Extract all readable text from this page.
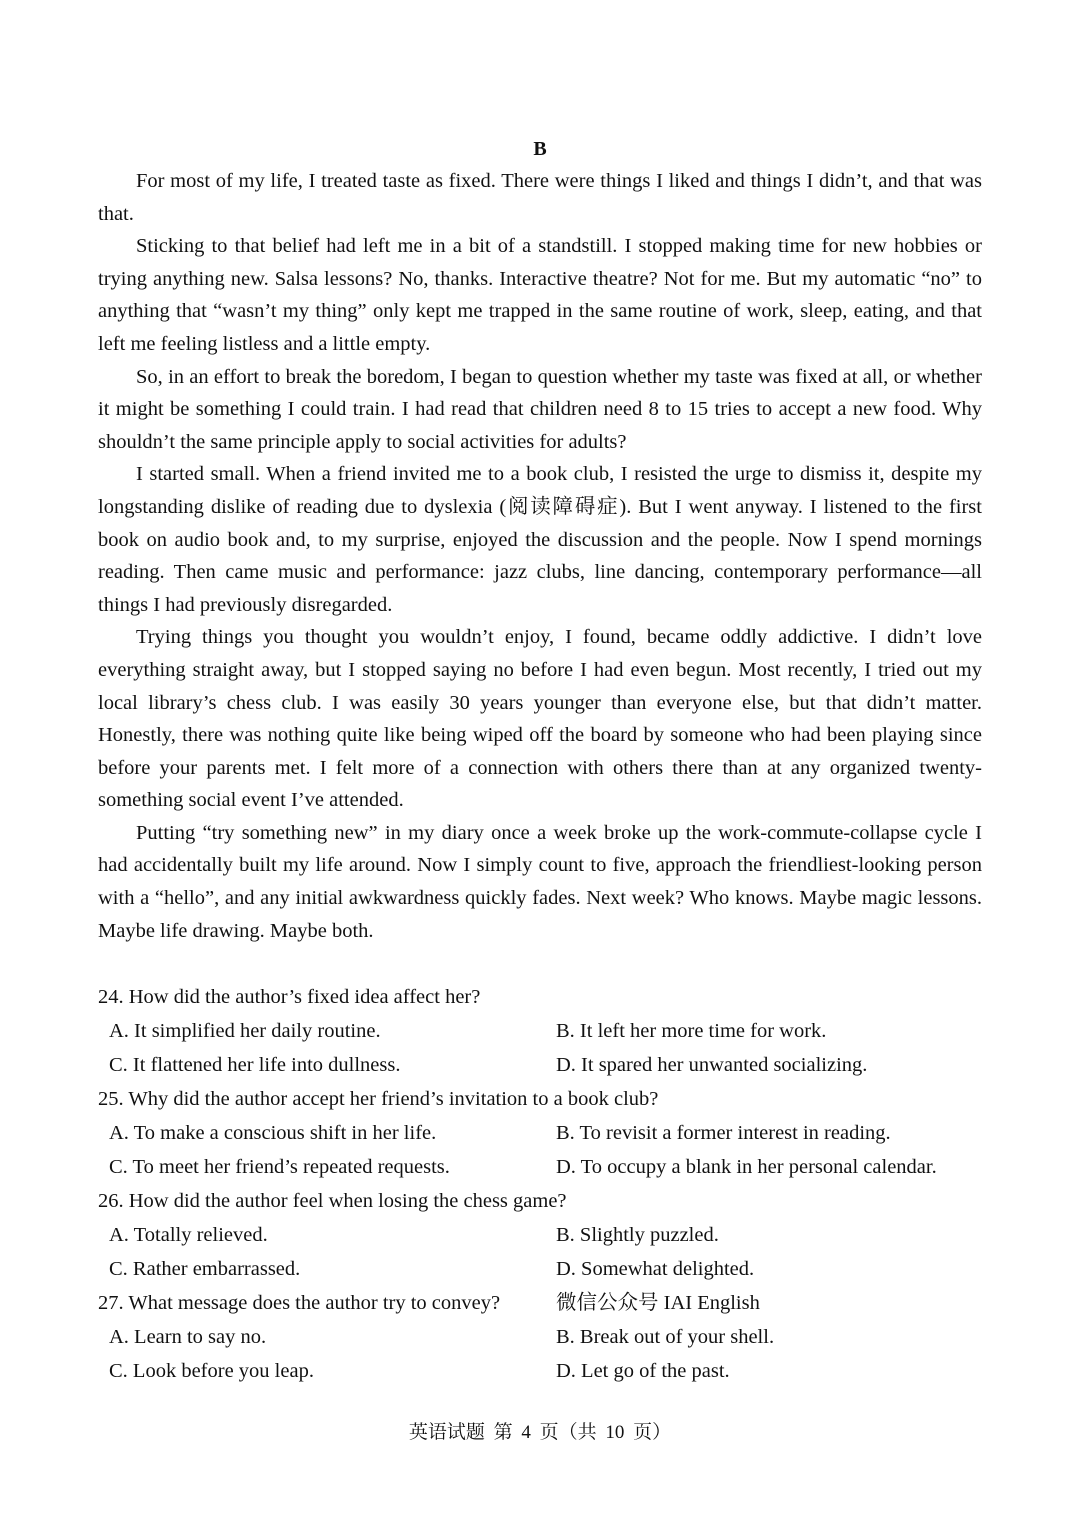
B

For most of my life, I treated taste as fixed. There were things I liked and things I didn’t, and that was that.

Sticking to that belief had left me in a bit of a standstill. I stopped making time for new hobbies or trying anything new. Salsa lessons? No, thanks. Interactive theatre? Not for me. But my automatic “no” to anything that “wasn’t my thing” only kept me trapped in the same routine of work, sleep, eating, and that left me feeling listless and a little empty.

So, in an effort to break the boredom, I began to question whether my taste was fixed at all, or whether it might be something I could train. I had read that children need 8 to 15 tries to accept a new food. Why shouldn’t the same principle apply to social activities for adults?

I started small. When a friend invited me to a book club, I resisted the urge to dismiss it, despite my longstanding dislike of reading due to dyslexia (阅读障碍症). But I went anyway. I listened to the first book on audio book and, to my surprise, enjoyed the discussion and the people. Now I spend mornings reading. Then came music and performance: jazz clubs, line dancing, contemporary performance—all things I had previously disregarded.

Trying things you thought you wouldn’t enjoy, I found, became oddly addictive. I didn’t love everything straight away, but I stopped saying no before I had even begun. Most recently, I tried out my local library’s chess club. I was easily 30 years younger than everyone else, but that didn’t matter. Honestly, there was nothing quite like being wiped off the board by someone who had been playing since before your parents met. I felt more of a connection with others there than at any organized twenty-something social event I’ve attended.

Putting “try something new” in my diary once a week broke up the work-commute-collapse cycle I had accidentally built my life around. Now I simply count to five, approach the friendliest-looking person with a “hello”, and any initial awkwardness quickly fades. Next week? Who knows. Maybe magic lessons. Maybe life drawing. Maybe both.

24. How did the author’s fixed idea affect her?
A. It simplified her daily routine.	B. It left her more time for work.
C. It flattened her life into dullness.	D. It spared her unwanted socializing.
25. Why did the author accept her friend’s invitation to a book club?
A. To make a conscious shift in her life.	B. To revisit a former interest in reading.
C. To meet her friend’s repeated requests.	D. To occupy a blank in her personal calendar.
26. How did the author feel when losing the chess game?
A. Totally relieved.	B. Slightly puzzled.
C. Rather embarrassed.	D. Somewhat delighted.
27. What message does the author try to convey?	微信公众号 IAI English
A. Learn to say no.	B. Break out of your shell.
C. Look before you leap.	D. Let go of the past.
英语试题 第 4 页（共 10 页）
